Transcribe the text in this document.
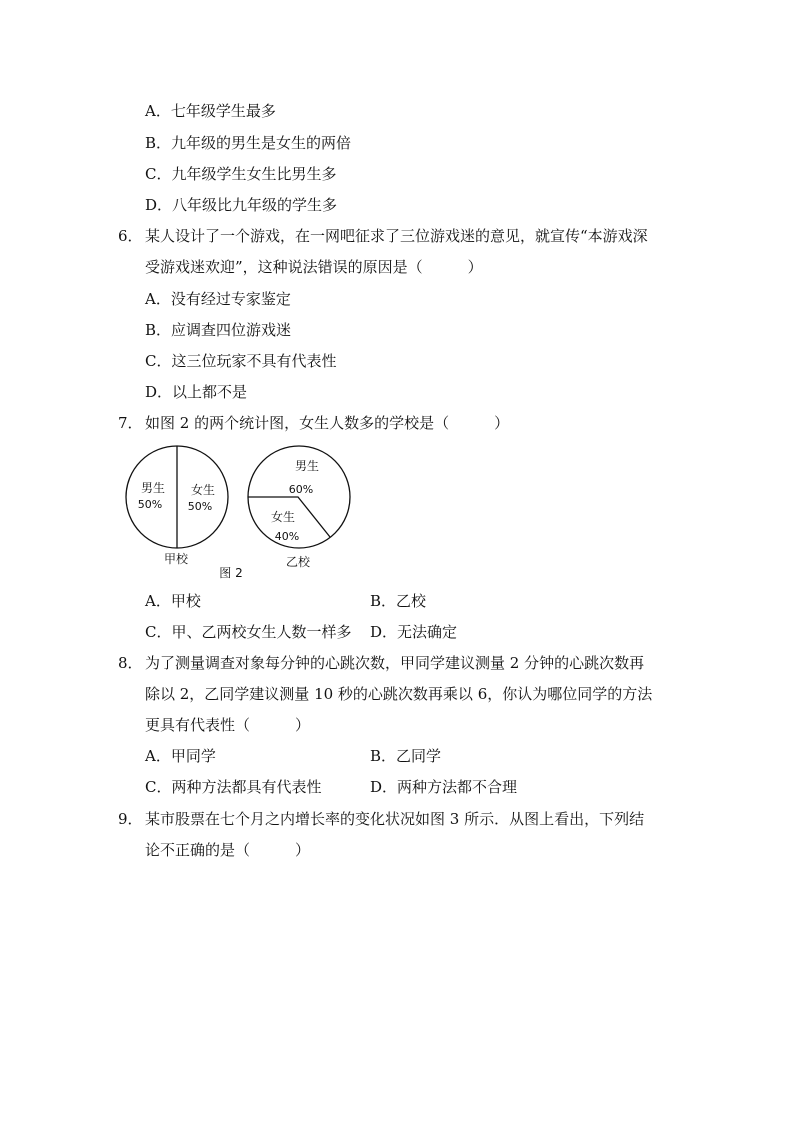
A．七年级学生最多
B．九年级的男生是女生的两倍
C．九年级学生女生比男生多
D．八年级比九年级的学生多
6． 某人设计了一个游戏，在一网吧征求了三位游戏迷的意见，就宣传“本游戏深
受游戏迷欢迎”，这种说法错误的原因是（　　　）
A．没有经过专家鉴定
B．应调查四位游戏迷
C．这三位玩家不具有代表性
D．以上都不是
7． 如图 2 的两个统计图，女生人数多的学校是（　　　）
男生
50%
女生
50%
甲校
男生
60%
女生
40%
乙校
图 2
A．甲校	B．乙校
C．甲、乙两校女生人数一样多 D．无法确定
8． 为了测量调查对象每分钟的心跳次数，甲同学建议测量 2 分钟的心跳次数再
除以 2，乙同学建议测量 10 秒的心跳次数再乘以 6，你认为哪位同学的方法
更具有代表性（　　　）
A．甲同学	B．乙同学
C．两种方法都具有代表性	D．两种方法都不合理
9． 某市股票在七个月之内增长率的变化状况如图 3 所示．从图上看出，下列结
论不正确的是（　　　）
